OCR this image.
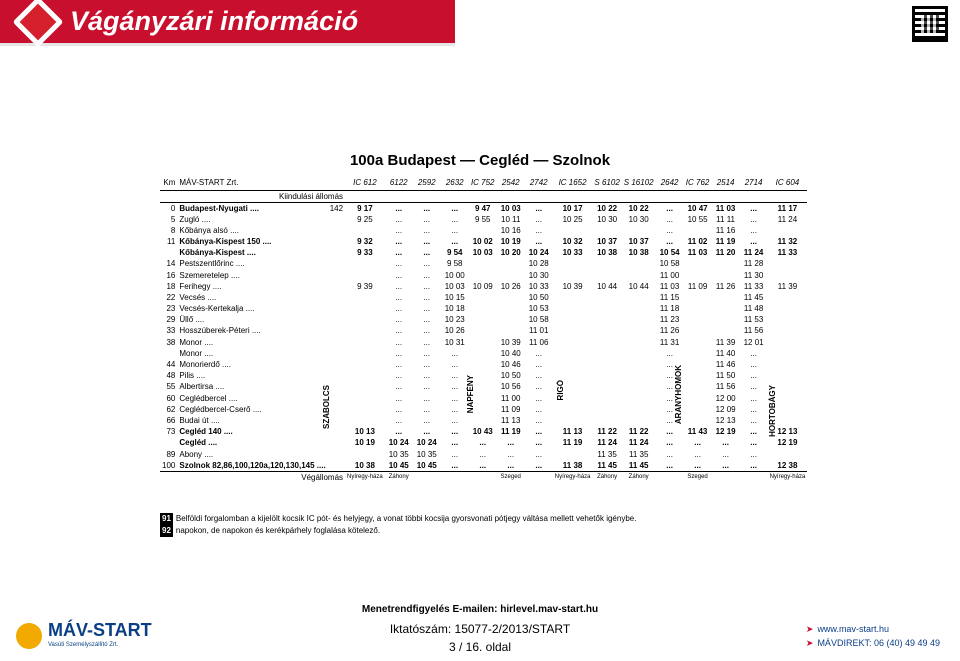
Vágányzári információ
100a Budapest — Cegléd — Szolnok
Km	MÁV-START Zrt.		IC 612	6122	2592	2632	IC 752	2542	2742	IC 1652	S 6102	S 16102	2642	IC 762	2514	2714	IC 604
Kiindulási állomás																	
0	Budapest-Nyugati ....	142	9 17	...	...	...	9 47	10 03	...	10 17	10 22	10 22	...	10 47	11 03	...	11 17
5	Zugló ....		9 25	...	...	...	9 55	10 11	...	10 25	10 30	10 30	...	10 55	11 11	...	11 24
8	Kőbánya alsó ....			...	...	...		10 16	...				...		11 16	...	
11	Kőbánya-Kispest 150 ....		9 32	...	...	...	10 02	10 19	...	10 32	10 37	10 37	...	11 02	11 19	...	11 32
	Kőbánya-Kispest ....		9 33	...	...	9 54	10 03	10 20	10 24	10 33	10 38	10 38	10 54	11 03	11 20	11 24	11 33
14	Pestszentlőrinc ....			...	...	9 58			10 28				10 58			11 28	
16	Szemeretelep ....			...	...	10 00			10 30				11 00			11 30	
18	Ferihegy ....		9 39	...	...	10 03	10 09	10 26	10 33	10 39	10 44	10 44	11 03	11 09	11 26	11 33	11 39
22	Vecsés ....			...	...	10 15			10 50				11 15			11 45	
23	Vecsés-Kertekalja ....			...	...	10 18			10 53				11 18			11 48	
29	Üllő ....			...	...	10 23			10 58				11 23			11 53	
33	Hosszúberek-Péteri ....			...	...	10 26			11 01				11 26			11 56	
38	Monor ....			...	...	10 31		10 39	11 06				11 31		11 39	12 01	
	Monor ....			...	...	...		10 40	...				...		11 40	...	
44	Monorierdő ....			...	...	...		10 46	...				...		11 46	...	
48	Pilis ....			...	...	...		10 50	...				...		11 50	...	
55	Albertirsa ....			...	...	...		10 56	...				...		11 56	...	
60	Ceglédbercel ....			...	...	...		11 00	...				...		12 00	...	
62	Ceglédbercel-Cserő ....			...	...	...		11 09	...				...		12 09	...	
66	Budai út ....			...	...	...		11 13	...				...		12 13	...	
73	Cegléd 140 ....		10 13	...	...	...	10 43	11 19	...	11 13	11 22	11 22	...	11 43	12 19	...	12 13
	Cegléd ....		10 19	10 24	10 24	...	...	...	...	11 19	11 24	11 24	...	...	...	...	12 19
89	Abony ....			10 35	10 35	...	...	...	...		11 35	11 35	...	...	...	...	
100	Szolnok 82,86,100,120a,120,130,145 ....		10 38	10 45	10 45	...	...	...	...	11 38	11 45	11 45	...	...	...	...	12 38
Végállomás			Nyíregy-háza	Záhony				Szeged		Nyíregy-háza	Záhony	Záhony		Szeged			Nyíregy-háza
91 Belföldi forgalomban a kijelölt kocsik IC pót- és helyjegy, a vonat többi kocsija gyorsvonati pótjegy váltása mellett vehetők igénybe.
92 napokon, de napokon és kerékpárhely foglalása kötelező.
Menetrendfigyelés E-mailen: hirlevel.mav-start.hu
Iktatószám: 15077-2/2013/START
3 / 16. oldal
MÁV-START
Vasúti Személyszállító Zrt.
➤ www.mav-start.hu
➤ MÁVDIREKT: 06 (40) 49 49 49
SZABOLCS	NAPFÉNY	RIGÓ	ARANYHOMOK	HORTOBÁGY
